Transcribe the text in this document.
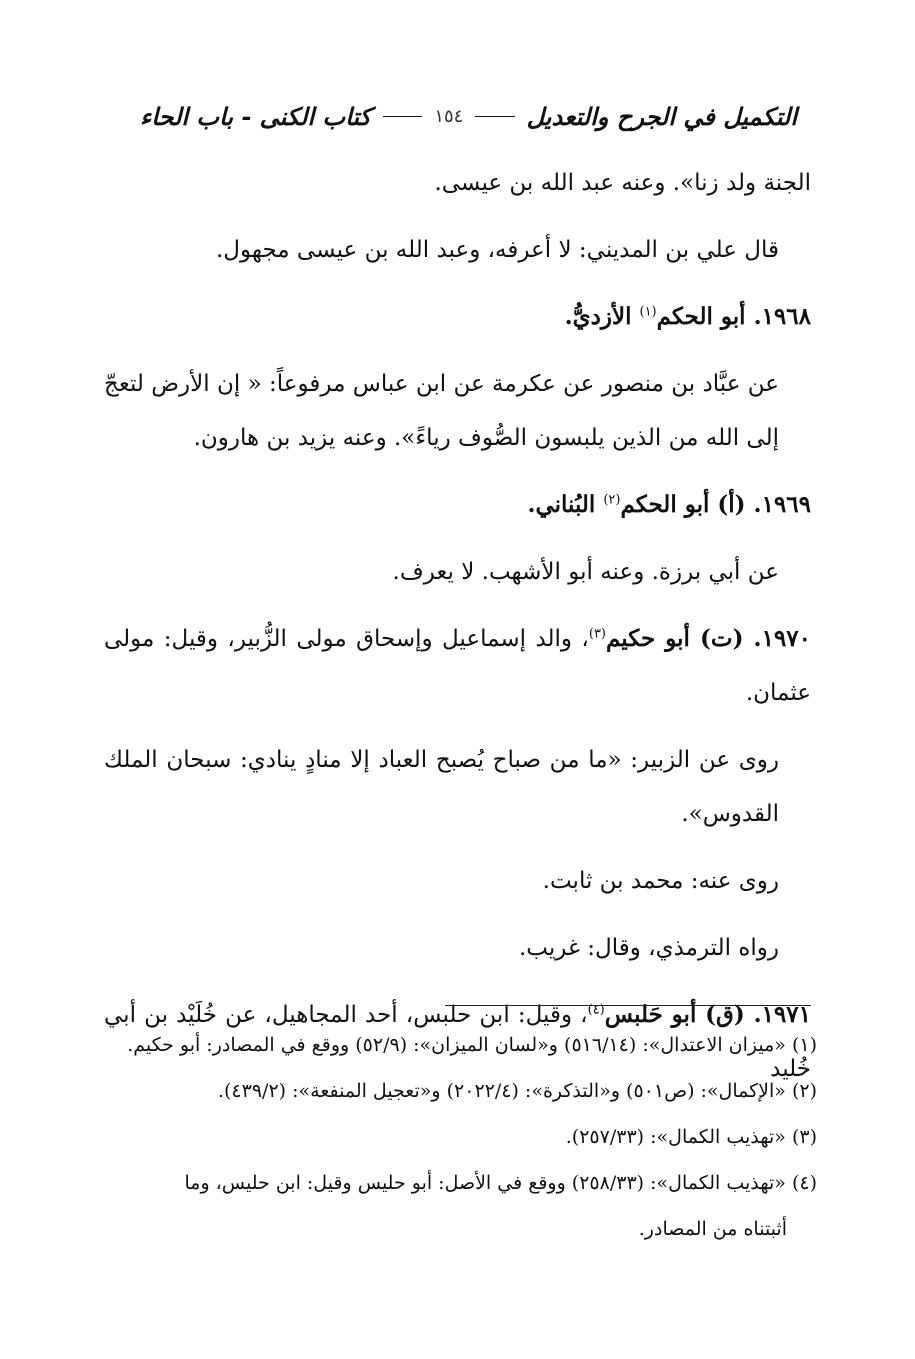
التكميل في الجرح والتعديل
١٥٤
كتاب الكنى - باب الحاء

الجنة ولد زنا». وعنه عبد الله بن عيسى.

قال علي بن المديني: لا أعرفه، وعبد الله بن عيسى مجهول.

١٩٦٨. أبو الحكم$^{(١)}$ الأزديُّ.

عن عبَّاد بن منصور عن عكرمة عن ابن عباس مرفوعاً: « إن الأرض لتعجّ إلى الله من الذين يلبسون الصُّوف رياءً». وعنه يزيد بن هارون.

١٩٦٩. (أ) أبو الحكم$^{(٢)}$ البُناني.

عن أبي برزة. وعنه أبو الأشهب. لا يعرف.

١٩٧٠. (ت) أبو حكيم$^{(٣)}$، والد إسماعيل وإسحاق مولى الزُّبير، وقيل: مولى عثمان.

روى عن الزبير: «ما من صباح يُصبح العباد إلا منادٍ ينادي: سبحان الملك القدوس».

روى عنه: محمد بن ثابت.

رواه الترمذي، وقال: غريب.

١٩٧١. (ق) أبو حَلبس$^{(٤)}$، وقيل: ابن حلبس، أحد المجاهيل، عن خُلَيْد بن أبي خُليد

(١) «ميزان الاعتدال»: (٥١٦/١٤) و«لسان الميزان»: (٥٢/٩) ووقع في المصادر: أبو حكيم.

(٢) «الإكمال»: (ص٥٠١) و«التذكرة»: (٢٠٢٢/٤) و«تعجيل المنفعة»: (٤٣٩/٢).

(٣) «تهذيب الكمال»: (٢٥٧/٣٣).

(٤) «تهذيب الكمال»: (٢٥٨/٣٣) ووقع في الأصل: أبو حليس وقيل: ابن حليس، وما

أثبتناه من المصادر.
